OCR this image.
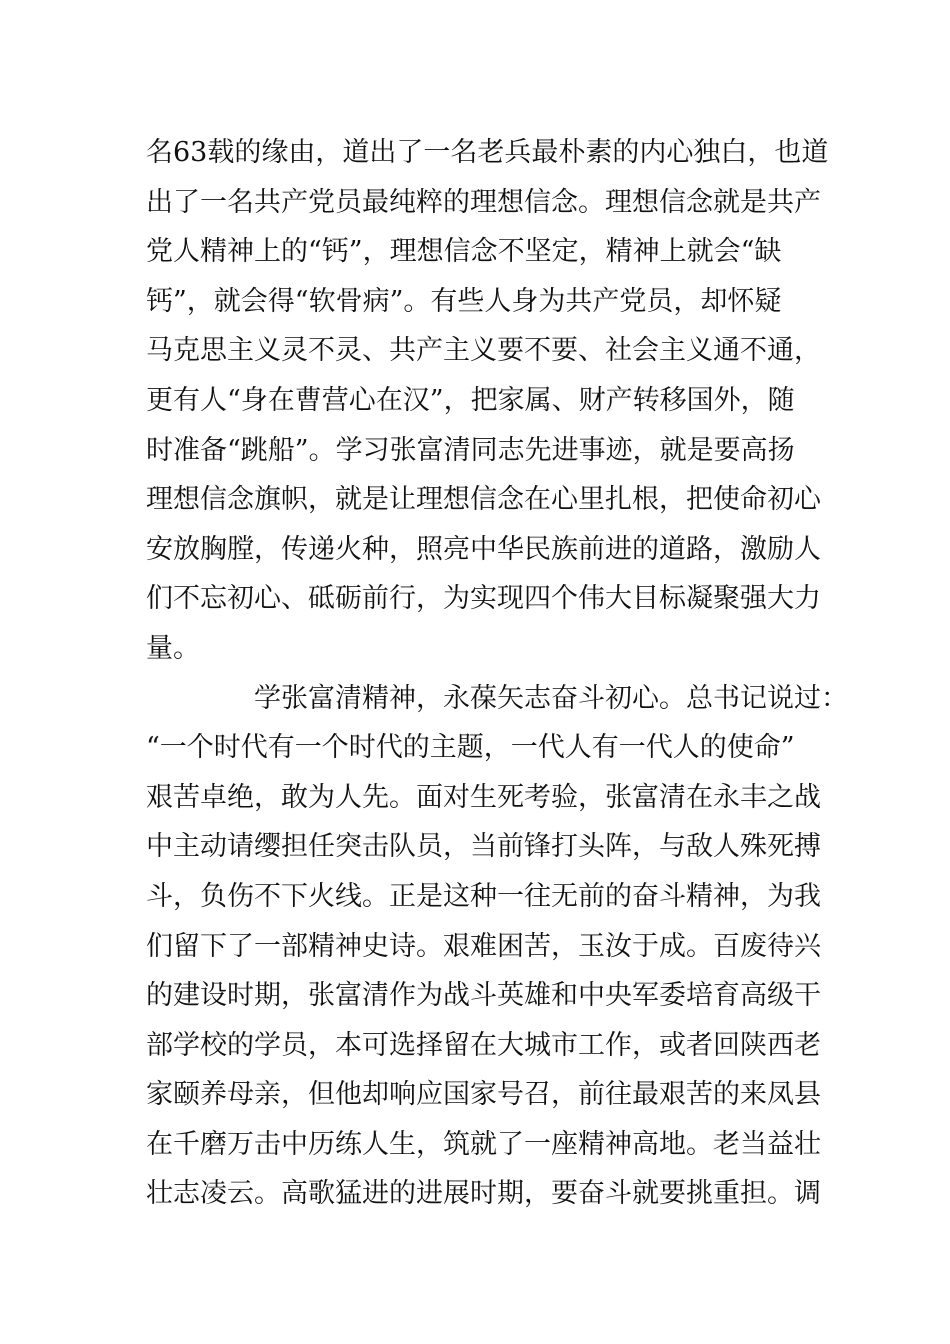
名63载的缘由，道出了一名老兵最朴素的内心独白，也道
出了一名共产党员最纯粹的理想信念。理想信念就是共产
党人精神上的“钙”，理想信念不坚定，精神上就会“缺
钙”，就会得“软骨病”。有些人身为共产党员，却怀疑
马克思主义灵不灵、共产主义要不要、社会主义通不通，
更有人“身在曹营心在汉”，把家属、财产转移国外，随
时准备“跳船”。学习张富清同志先进事迹，就是要高扬
理想信念旗帜，就是让理想信念在心里扎根，把使命初心
安放胸膛，传递火种，照亮中华民族前进的道路，激励人
们不忘初心、砥砺前行，为实现四个伟大目标凝聚强大力
量。
学张富清精神，永葆矢志奋斗初心。总书记说过：
“一个时代有一个时代的主题，一代人有一代人的使命”
艰苦卓绝，敢为人先。面对生死考验，张富清在永丰之战
中主动请缨担任突击队员，当前锋打头阵，与敌人殊死搏
斗，负伤不下火线。正是这种一往无前的奋斗精神，为我
们留下了一部精神史诗。艰难困苦，玉汝于成。百废待兴
的建设时期，张富清作为战斗英雄和中央军委培育高级干
部学校的学员，本可选择留在大城市工作，或者回陕西老
家颐养母亲，但他却响应国家号召，前往最艰苦的来凤县
在千磨万击中历练人生，筑就了一座精神高地。老当益壮
壮志凌云。高歌猛进的进展时期，要奋斗就要挑重担。调
